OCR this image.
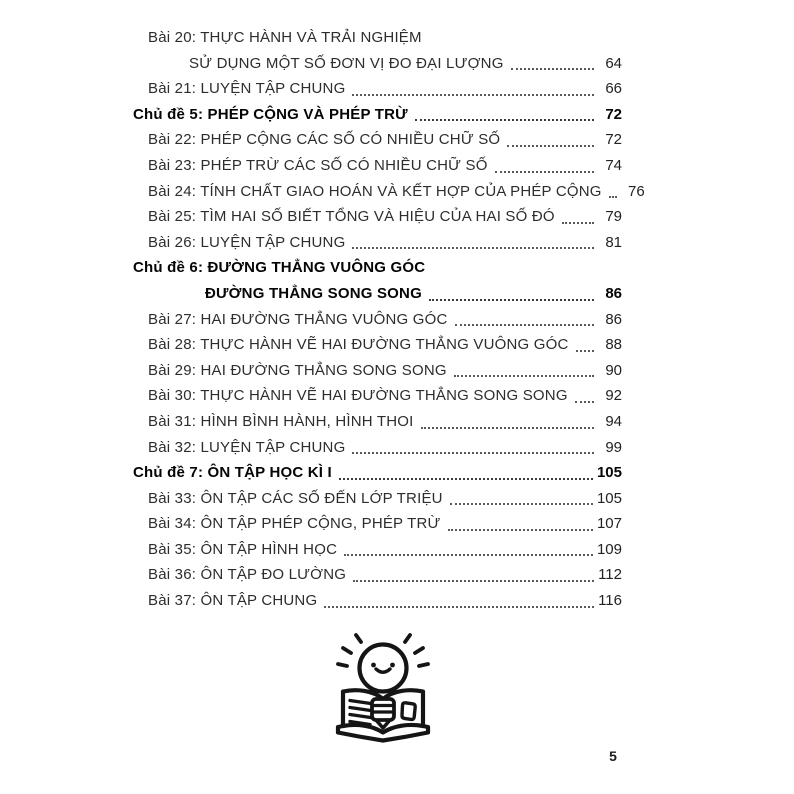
Bài 20: THỰC HÀNH VÀ TRẢI NGHIỆM
SỬ DỤNG MỘT SỐ ĐƠN VỊ ĐO ĐẠI LƯỢNG	64
Bài 21: LUYỆN TẬP CHUNG	66
Chủ đề 5: PHÉP CỘNG VÀ PHÉP TRỪ	72
Bài 22: PHÉP CỘNG CÁC SỐ CÓ NHIỀU CHỮ SỐ	72
Bài 23: PHÉP TRỪ CÁC SỐ CÓ NHIỀU CHỮ SỐ	74
Bài 24: TÍNH CHẤT GIAO HOÁN VÀ KẾT HỢP CỦA PHÉP CỘNG	76
Bài 25: TÌM HAI SỐ BIẾT TỔNG VÀ HIỆU CỦA HAI SỐ ĐÓ	79
Bài 26: LUYỆN TẬP CHUNG	81
Chủ đề 6: ĐƯỜNG THẲNG VUÔNG GÓC
ĐƯỜNG THẲNG SONG SONG	86
Bài 27: HAI ĐƯỜNG THẲNG VUÔNG GÓC	86
Bài 28: THỰC HÀNH VẼ HAI ĐƯỜNG THẲNG VUÔNG GÓC	88
Bài 29: HAI ĐƯỜNG THẲNG SONG SONG	90
Bài 30: THỰC HÀNH VẼ HAI ĐƯỜNG THẲNG SONG SONG	92
Bài 31: HÌNH BÌNH HÀNH, HÌNH THOI	94
Bài 32: LUYỆN TẬP CHUNG	99
Chủ đề 7: ÔN TẬP HỌC KÌ I	105
Bài 33: ÔN TẬP CÁC SỐ ĐẾN LỚP TRIỆU	105
Bài 34: ÔN TẬP PHÉP CỘNG, PHÉP TRỪ	107
Bài 35: ÔN TẬP HÌNH HỌC	109
Bài 36: ÔN TẬP ĐO LƯỜNG	112
Bài 37: ÔN TẬP CHUNG	116
5
